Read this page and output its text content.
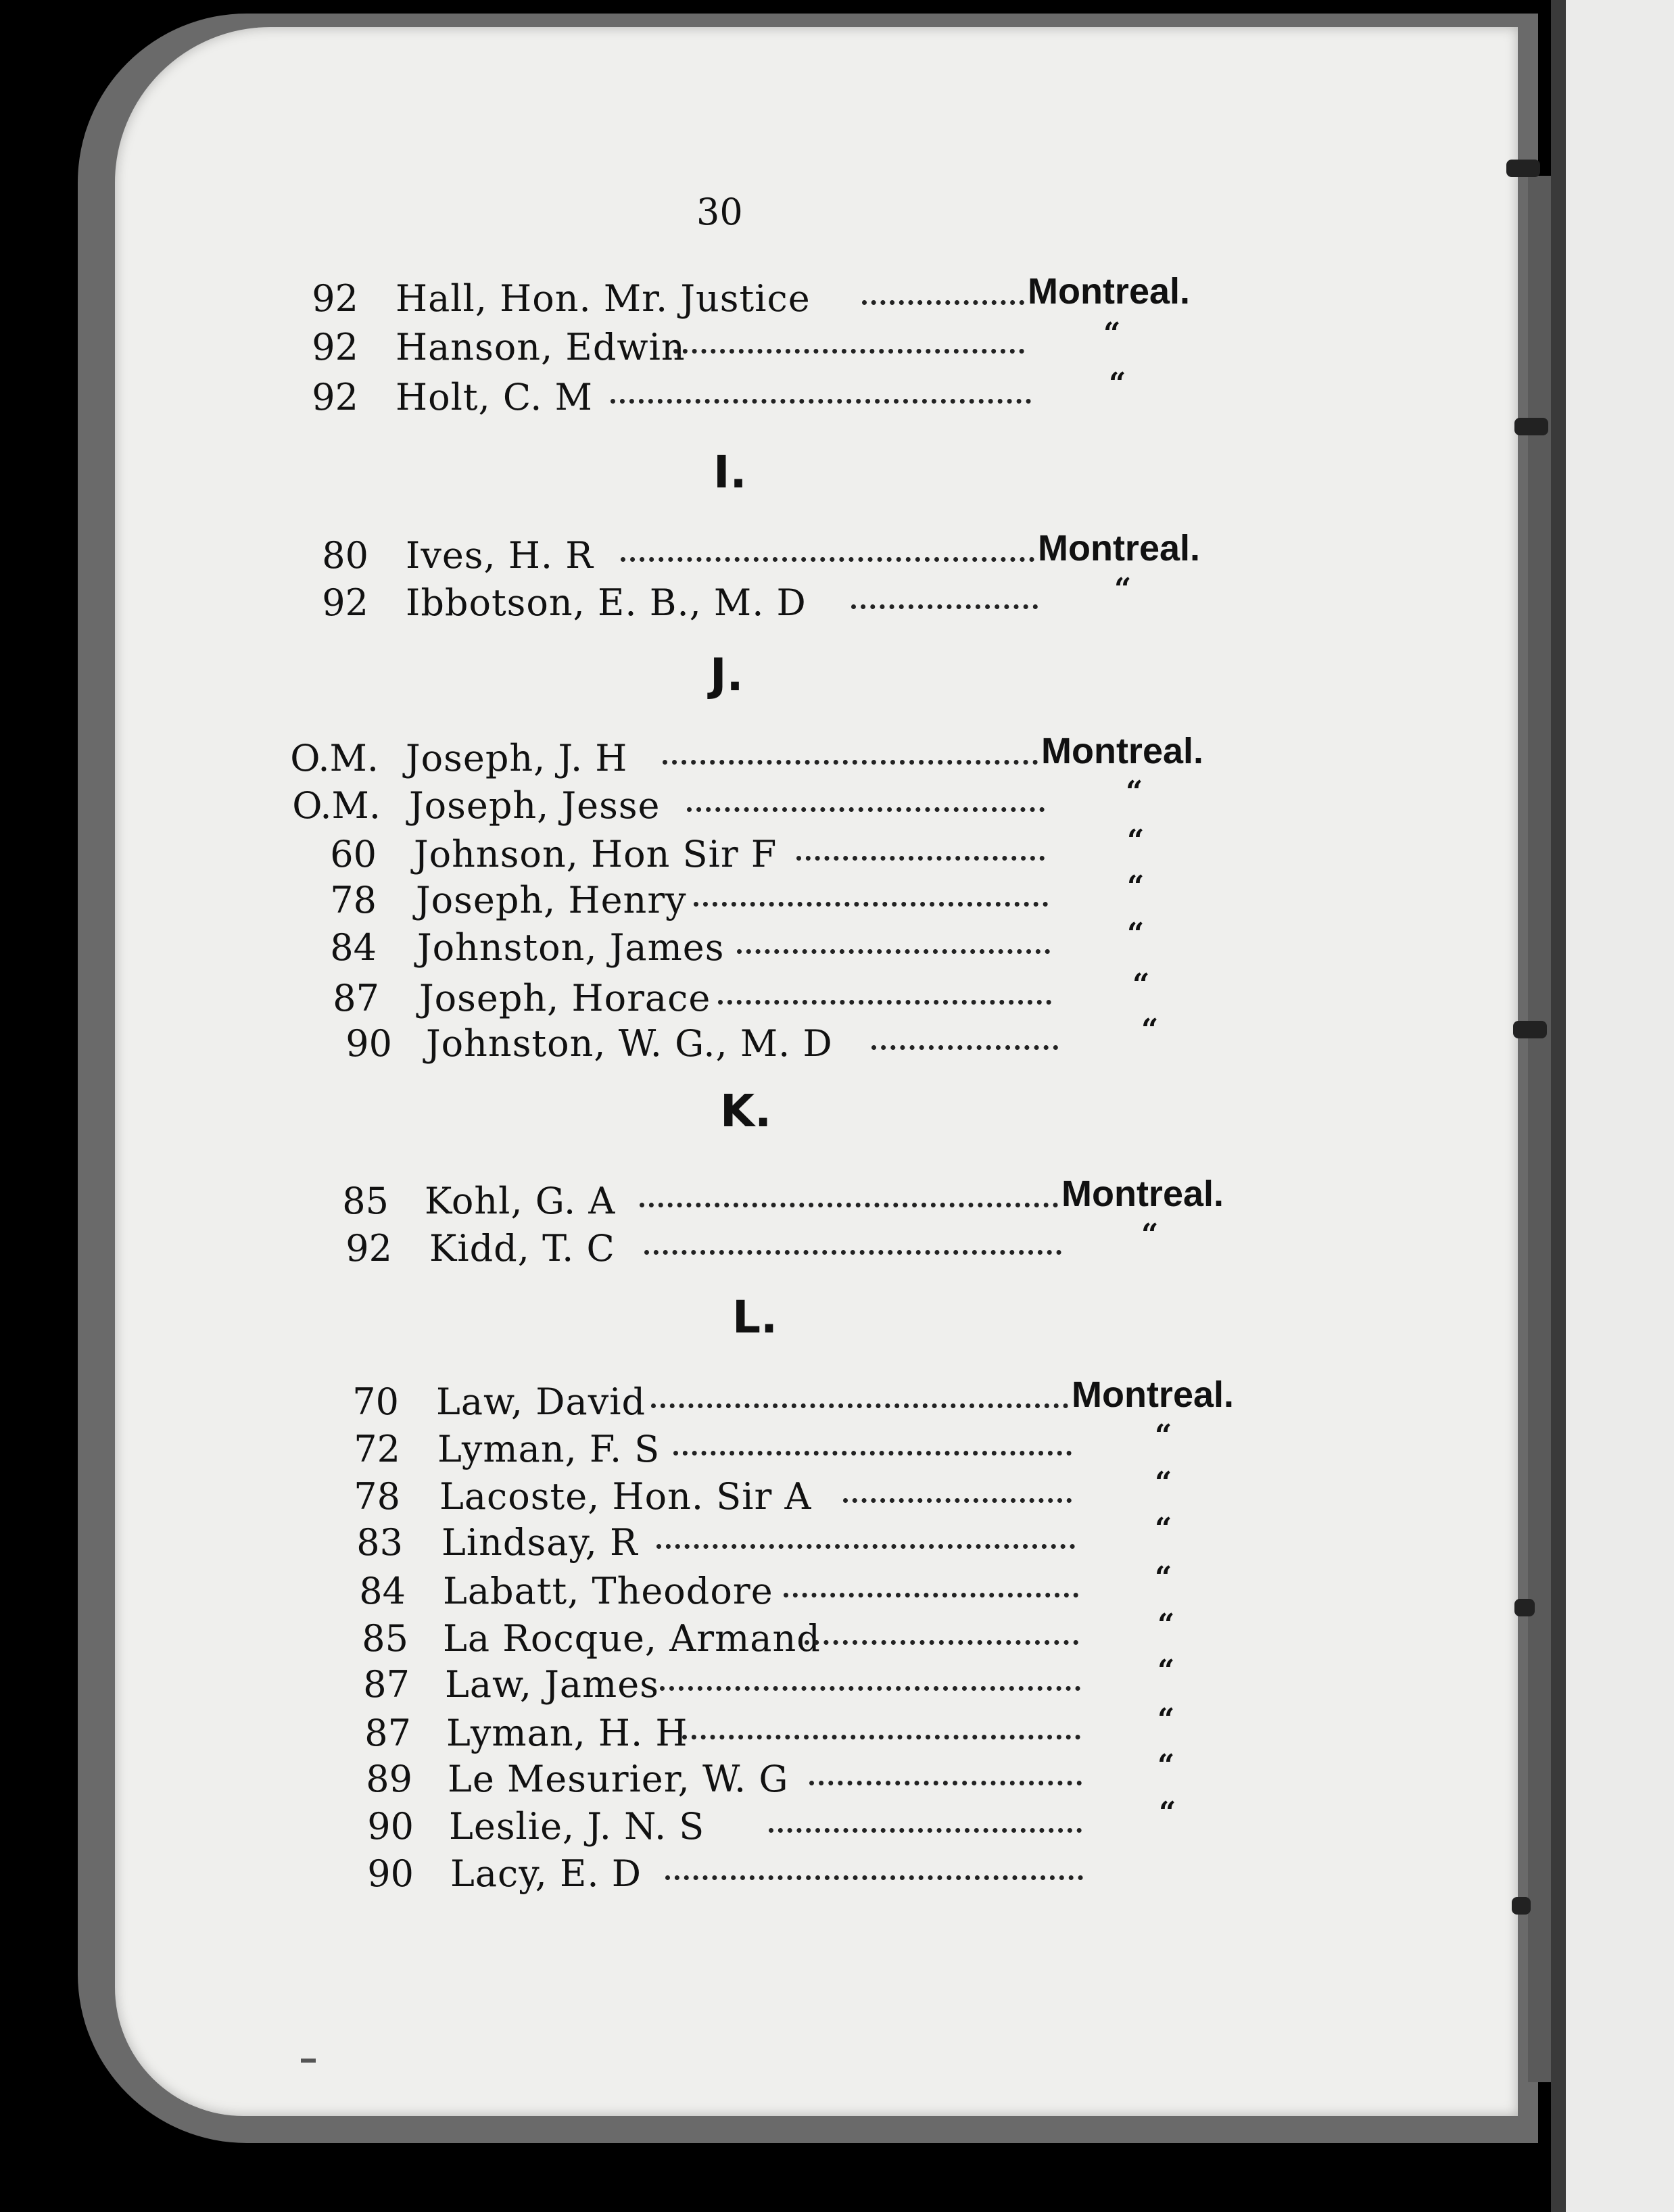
30
92 Hall, Hon. Mr. Justice	Montreal.
92 Hanson, Edwin	“
92 Holt, C. M	“
I.
80 Ives, H. R	Montreal.
92 Ibbotson, E. B., M. D	“
J.
O.M. Joseph, J. H	Montreal.
O.M. Joseph, Jesse	“
60 Johnson, Hon Sir F	“
78 Joseph, Henry	“
84 Johnston, James	“
87 Joseph, Horace	“
90 Johnston, W. G., M. D	“
K.
85 Kohl, G. A	Montreal.
92 Kidd, T. C	“
L.
70 Law, David	Montreal.
72 Lyman, F. S	“
78 Lacoste, Hon. Sir A	“
83 Lindsay, R	“
84 Labatt, Theodore	“
85 La Rocque, Armand	“
87 Law, James	“
87 Lyman, H. H	“
89 Le Mesurier, W. G	“
90 Leslie, J. N. S	“
90 Lacy, E. D
